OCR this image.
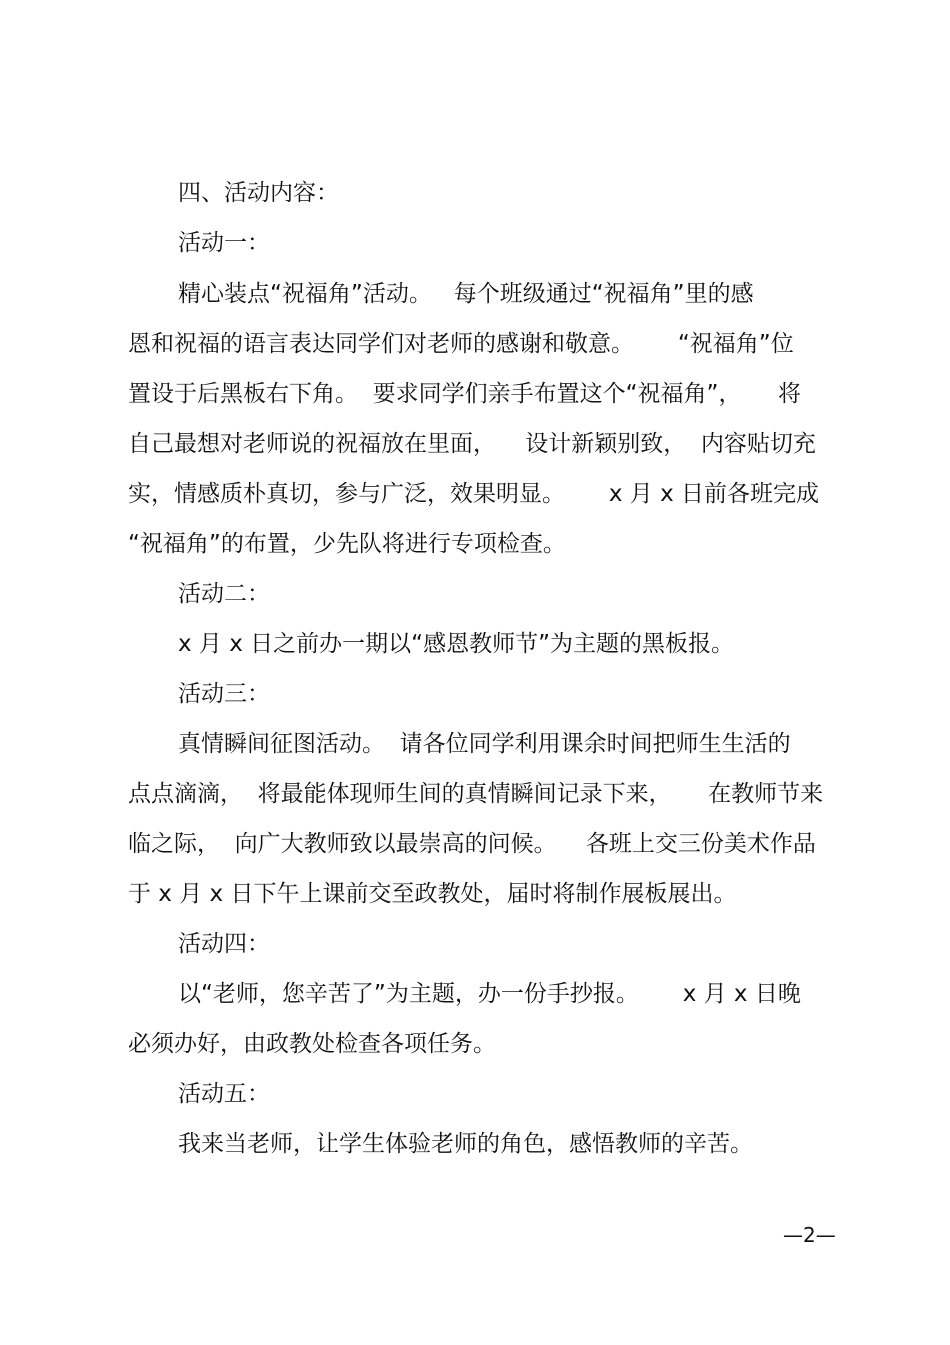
四、活动内容：

活动一：

精心装点“祝福角”活动。   每个班级通过“祝福角”里的感

恩和祝福的语言表达同学们对老师的感谢和敬意。      “祝福角”位

置设于后黑板右下角。  要求同学们亲手布置这个“祝福角”，     将

自己最想对老师说的祝福放在里面，    设计新颖别致，  内容贴切充

实，情感质朴真切，参与广泛，效果明显。      x 月 x 日前各班完成

“祝福角”的布置，少先队将进行专项检查。

活动二：

x 月 x 日之前办一期以“感恩教师节”为主题的黑板报。

活动三：

真情瞬间征图活动。  请各位同学利用课余时间把师生生活的

点点滴滴，  将最能体现师生间的真情瞬间记录下来，     在教师节来

临之际，  向广大教师致以最崇高的问候。    各班上交三份美术作品

于 x 月 x 日下午上课前交至政教处，届时将制作展板展出。

活动四：

以“老师，您辛苦了”为主题，办一份手抄报。      x 月 x 日晚

必须办好，由政教处检查各项任务。

活动五：

我来当老师，让学生体验老师的角色，感悟教师的辛苦。

—2—
